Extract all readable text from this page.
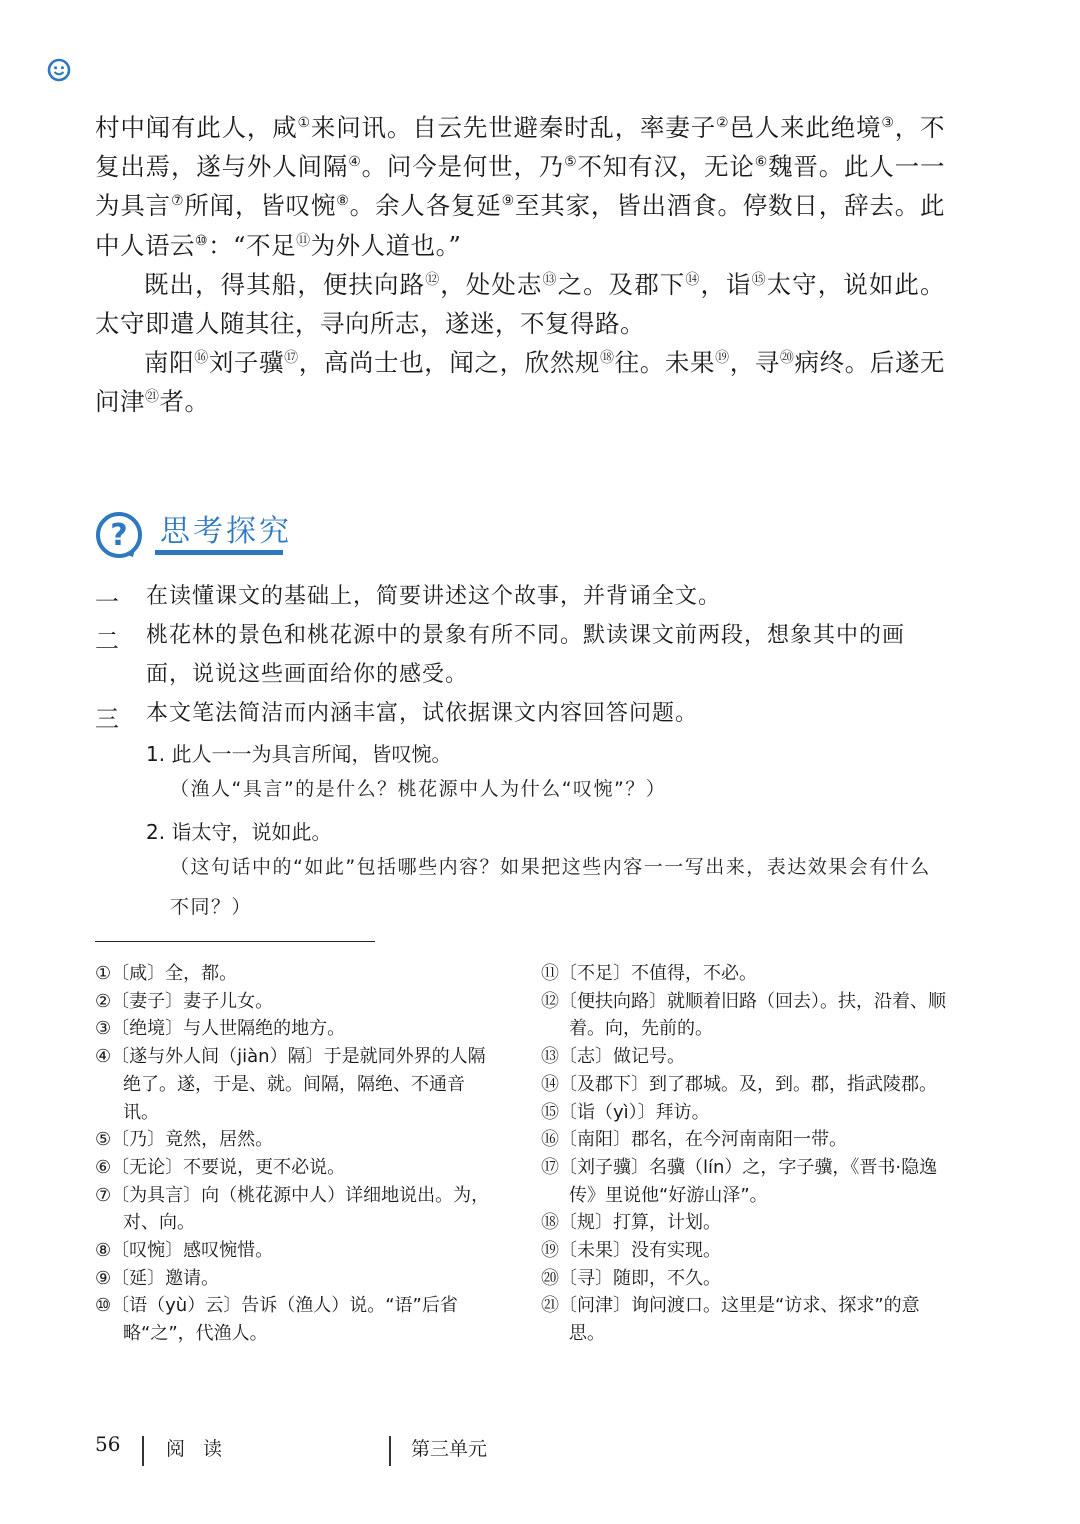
村中闻有此人，咸①来问讯。自云先世避秦时乱，率妻子②邑人来此绝境③，不复出焉，遂与外人间隔④。问今是何世，乃⑤不知有汉，无论⑥魏晋。此人一一为具言⑦所闻，皆叹惋⑧。余人各复延⑨至其家，皆出酒食。停数日，辞去。此中人语云⑩：“不足⑪为外人道也。”

既出，得其船，便扶向路⑫，处处志⑬之。及郡下⑭，诣⑮太守，说如此。太守即遣人随其往，寻向所志，遂迷，不复得路。

南阳⑯刘子骥⑰，高尚士也，闻之，欣然规⑱往。未果⑲，寻⑳病终。后遂无问津$^㉑$者。

? 思考探究
一 在读懂课文的基础上，简要讲述这个故事，并背诵全文。
二 桃花林的景色和桃花源中的景象有所不同。默读课文前两段，想象其中的画面，说说这些画面给你的感受。
三 本文笔法简洁而内涵丰富，试依据课文内容回答问题。
1. 此人一一为具言所闻，皆叹惋。
（渔人“具言”的是什么？桃花源中人为什么“叹惋”？）
2. 诣太守，说如此。
（这句话中的“如此”包括哪些内容？如果把这些内容一一写出来，表达效果会有什么不同？）
①〔咸〕全，都。
②〔妻子〕妻子儿女。
③〔绝境〕与人世隔绝的地方。
④〔遂与外人间（jiàn）隔〕于是就同外界的人隔绝了。遂，于是、就。间隔，隔绝、不通音讯。
⑤〔乃〕竟然，居然。
⑥〔无论〕不要说，更不必说。
⑦〔为具言〕向（桃花源中人）详细地说出。为，对、向。
⑧〔叹惋〕感叹惋惜。
⑨〔延〕邀请。
⑩〔语（yù）云〕告诉（渔人）说。“语”后省略“之”，代渔人。
⑪〔不足〕不值得，不必。
⑫〔便扶向路〕就顺着旧路（回去）。扶，沿着、顺着。向，先前的。
⑬〔志〕做记号。
⑭〔及郡下〕到了郡城。及，到。郡，指武陵郡。
⑮〔诣（yì）〕拜访。
⑯〔南阳〕郡名，在今河南南阳一带。
⑰〔刘子骥〕名骥（lín）之，字子骥，《晋书·隐逸传》里说他“好游山泽”。
⑱〔规〕打算，计划。
⑲〔未果〕没有实现。
⑳〔寻〕随即，不久。
㉑〔问津〕询问渡口。这里是“访求、探求”的意思。
56 阅 读	第三单元
